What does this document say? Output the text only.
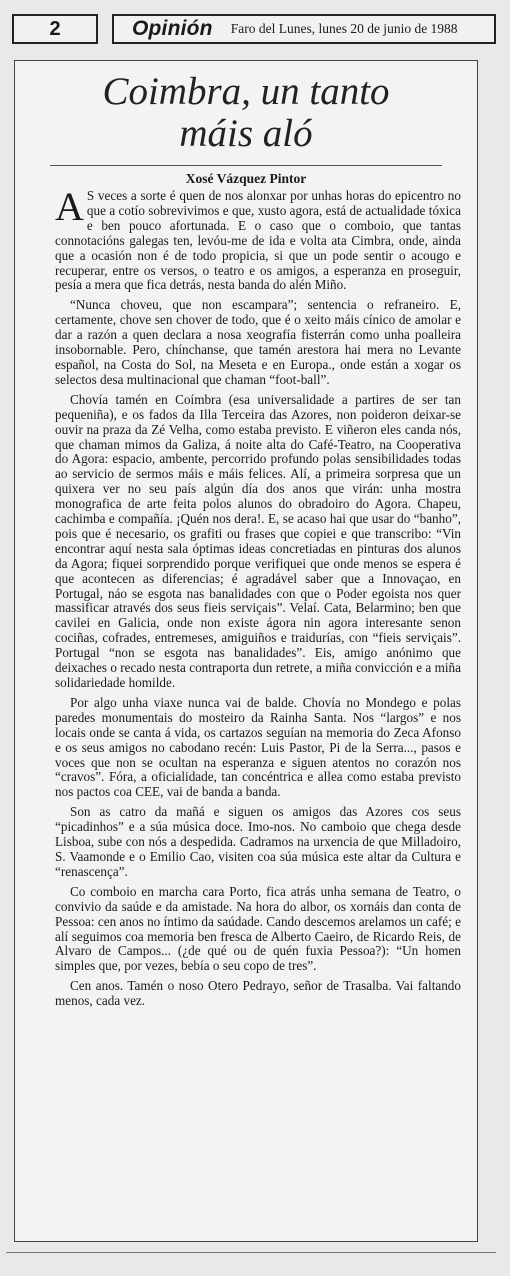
2	Opinión Faro del Lunes, lunes 20 de junio de 1988
Coimbra, un tanto
máis aló
Xosé Vázquez Pintor

A S veces a sorte é quen de nos alonxar por unhas horas do epicentro no que a cotío sobrevivimos e que, xusto agora, está de actualidade tóxica e ben pouco afortunada. E o caso que o comboio, que tantas connotacións galegas ten, levóu-me de ida e volta ata Cimbra, onde, ainda que a ocasión non é de todo propicia, si que un pode sentir o acougo e recuperar, entre os versos, o teatro e os amigos, a esperanza en proseguir, pesía a mera que fica detrás, nesta banda do alén Miño.

“Nunca choveu, que non escampara”; sentencia o refraneiro. E, certamente, chove sen chover de todo, que é o xeito máis cínico de amolar e dar a razón a quen declara a nosa xeografía fisterrán como unha poalleira insobornable. Pero, chínchanse, que tamén arestora hai mera no Levante español, na Costa do Sol, na Meseta e en Europa., onde están a xogar os selectos desa multinacional que chaman “foot-ball”.

Chovía tamén en Coímbra (esa universalidade a partires de ser tan pequeniña), e os fados da Illa Terceira das Azores, non poideron deixar-se ouvir na praza da Zé Velha, como estaba previsto. E viñeron eles canda nós, que chaman mimos da Galiza, á noite alta do Café-Teatro, na Cooperativa do Agora: espacio, ambente, percorrido profundo polas sensibilidades todas ao servicio de sermos máis e máis felices. Alí, a primeira sorpresa que un quixera ver no seu país algún día dos anos que virán: unha mostra monografica de arte feita polos alunos do obradoiro do Agora. Chapeu, cachimba e compañía. ¡Quén nos dera!. E, se acaso hai que usar do “banho”, pois que é necesario, os grafiti ou frases que copiei e que transcribo: “Vin encontrar aquí nesta sala óptimas ideas concretiadas en pinturas dos alunos da Agora; fiquei sorprendido porque verifiquei que onde menos se espera é que acontecen as diferencias; é agradável saber que a Innovaçao, en Portugal, náo se esgota nas banalidades con que o Poder egoista nos quer massificar através dos seus fieis serviçais”. Velaí. Cata, Belarmino; ben que cavilei en Galicia, onde non existe ágora nin agora interesante senon cociñas, cofrades, entremeses, amiguiños e traidurías, con “fieis serviçais”. Portugal “non se esgota nas banalidades”. Eis, amigo anónimo que deixaches o recado nesta contraporta dun retrete, a miña convicción e a miña solidariedade homilde.

Por algo unha viaxe nunca vai de balde. Chovía no Mondego e polas paredes monumentais do mosteiro da Rainha Santa. Nos “largos” e nos locais onde se canta á vida, os cartazos seguían na memoria do Zeca Afonso e os seus amigos no cabodano recén: Luis Pastor, Pi de la Serra..., pasos e voces que non se ocultan na esperanza e siguen atentos no corazón nos “cravos”. Fóra, a oficialidade, tan concéntrica e allea como estaba previsto nos pactos coa CEE, vai de banda a banda.

Son as catro da mañá e siguen os amigos das Azores cos seus “picadinhos” e a súa música doce. Imo-nos. No camboio que chega desde Lisboa, sube con nós a despedida. Cadramos na urxencia de que Milladoiro, S. Vaamonde e o Emilio Cao, visiten coa súa música este altar da Cultura e “renascença”.

Co comboio en marcha cara Porto, fica atrás unha semana de Teatro, o convivio da saúde e da amistade. Na hora do albor, os xornáis dan conta de Pessoa: cen anos no íntimo da saúdade. Cando descemos arelamos un café; e alí seguimos coa memoria ben fresca de Alberto Caeiro, de Ricardo Reis, de Alvaro de Campos... (¿de qué ou de quén fuxia Pessoa?): “Un homen simples que, por vezes, bebía o seu copo de tres”.

Cen anos. Tamén o noso Otero Pedrayo, señor de Trasalba. Vai faltando menos, cada vez.
